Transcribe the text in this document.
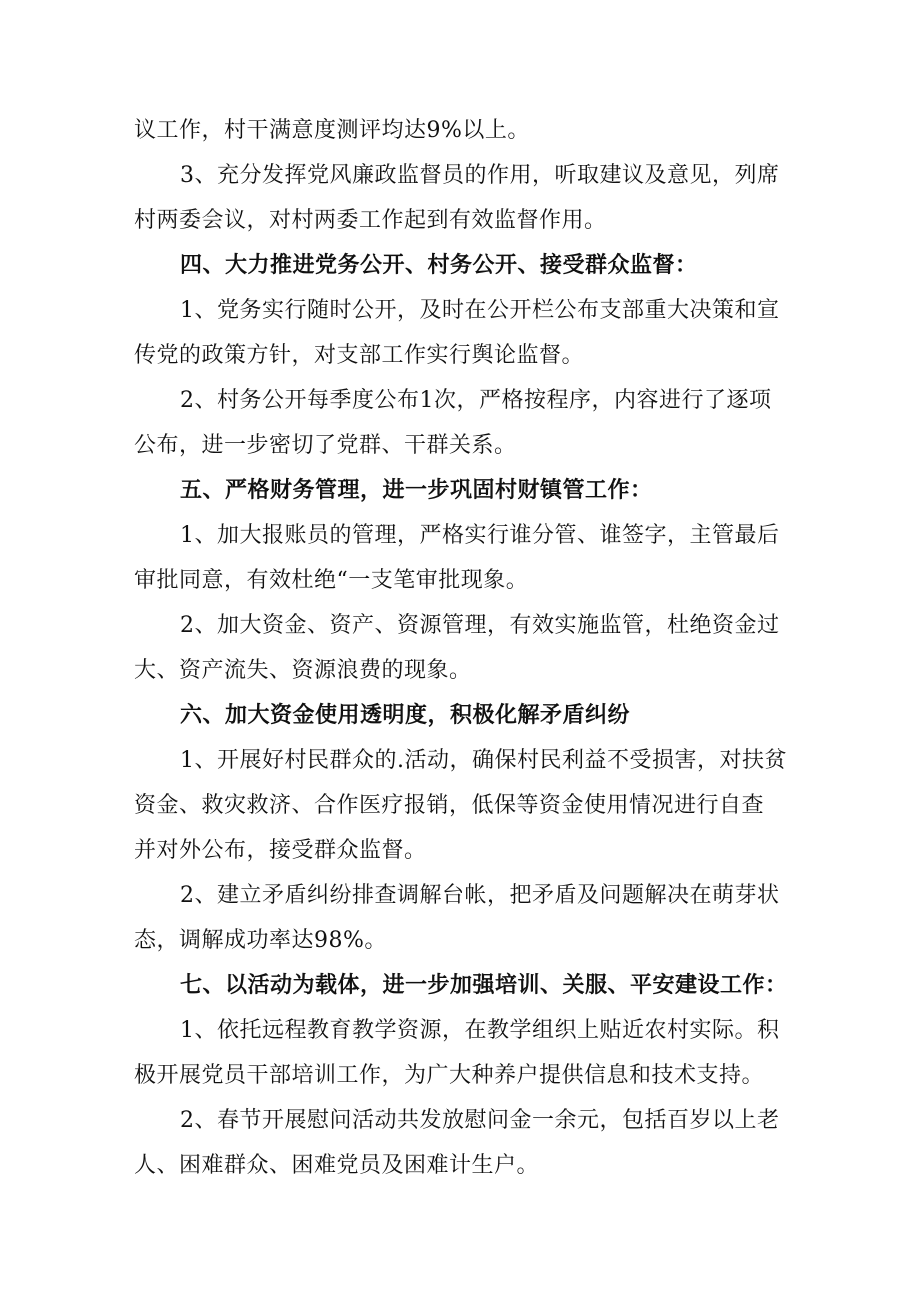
议工作，村干满意度测评均达9%以上。
3、充分发挥党风廉政监督员的作用，听取建议及意见，列席
村两委会议，对村两委工作起到有效监督作用。
四、大力推进党务公开、村务公开、接受群众监督：
1、党务实行随时公开，及时在公开栏公布支部重大决策和宣
传党的政策方针，对支部工作实行舆论监督。
2、村务公开每季度公布1次，严格按程序，内容进行了逐项
公布，进一步密切了党群、干群关系。
五、严格财务管理，进一步巩固村财镇管工作：
1、加大报账员的管理，严格实行谁分管、谁签字，主管最后
审批同意，有效杜绝“一支笔审批现象。
2、加大资金、资产、资源管理，有效实施监管，杜绝资金过
大、资产流失、资源浪费的现象。
六、加大资金使用透明度，积极化解矛盾纠纷
1、开展好村民群众的.活动，确保村民利益不受损害，对扶贫
资金、救灾救济、合作医疗报销，低保等资金使用情况进行自查
并对外公布，接受群众监督。
2、建立矛盾纠纷排查调解台帐，把矛盾及问题解决在萌芽状
态，调解成功率达98%。
七、以活动为载体，进一步加强培训、关服、平安建设工作：
1、依托远程教育教学资源，在教学组织上贴近农村实际。积
极开展党员干部培训工作，为广大种养户提供信息和技术支持。
2、春节开展慰问活动共发放慰问金一余元，包括百岁以上老
人、困难群众、困难党员及困难计生户。
